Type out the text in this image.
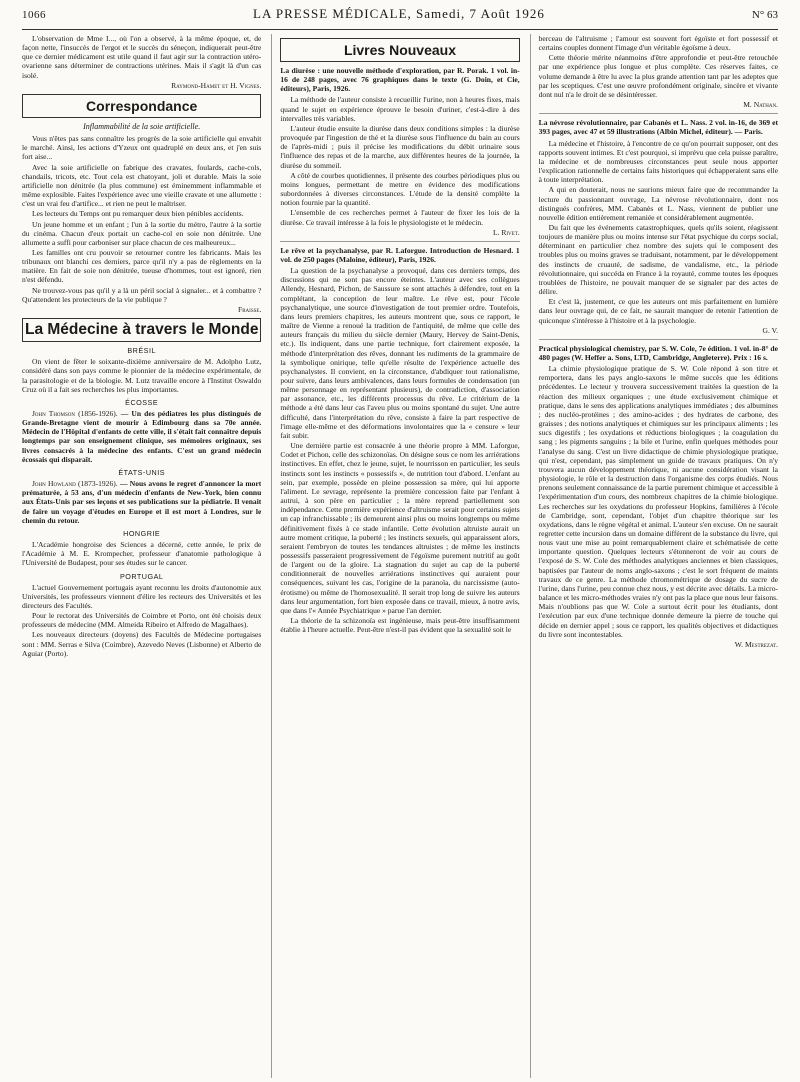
1066	LA PRESSE MÉDICALE, Samedi, 7 Août 1926	N° 63

L'observation de Mme I..., où l'on a observé, à la même époque, et, de façon nette, l'insuccès de l'ergot et le succès du séneçon, indiquerait peut-être que ce dernier médicament est utile quand il faut agir sur la contraction utéro-ovarienne sans déterminer de contractions utérines. Mais il s'agit là d'un cas isolé.

Raymond-Hamet et H. Vignes.

Correspondance
Inflammabilité de la soie artificielle.

Vous n'êtes pas sans connaître les progrès de la soie artificielle qui envahit le marché. Ainsi, les actions d'Yzeux ont quadruplé en deux ans, et j'en suis fort aise...

Avec la soie artificielle on fabrique des cravates, foulards, cache-cols, chandails, tricots, etc. Tout cela est chatoyant, joli et durable. Mais la soie artificielle non dénitrée (la plus commune) est éminemment inflammable et même explosible. Faites l'expérience avec une vieille cravate et une allumette : c'est un vrai feu d'artifice... et rien ne peut le maîtriser.

Les lecteurs du Temps ont pu remarquer deux bien pénibles accidents.

Un jeune homme et un enfant ; l'un à la sortie du métro, l'autre à la sortie du cinéma. Chacun d'eux portait un cache-col en soie non dénitrée. Une allumette a suffi pour carboniser sur place chacun de ces malheureux...

Les familles ont cru pouvoir se retourner contre les fabricants. Mais les tribunaux ont blanchi ces derniers, parce qu'il n'y a pas de règlements en la matière. En fait de soie non dénitrée, tueuse d'hommes, tout est ignoré, rien n'est défendu.

Ne trouvez-vous pas qu'il y a là un péril social à signaler... et à combattre ? Qu'attendent les protecteurs de la vie publique ?

Fraisse.

La Médecine à travers le Monde
BRÉSIL

On vient de fêter le soixante-dixième anniversaire de M. Adolpho Lutz, considéré dans son pays comme le pionnier de la médecine expérimentale, de la parasitologie et de la biologie. M. Lutz travaille encore à l'Institut Oswaldo Cruz où il a fait ses recherches les plus importantes.

ÉCOSSE

John Thomson (1856-1926). — Un des pédiatres les plus distingués de Grande-Bretagne vient de mourir à Edimbourg dans sa 70e année. Médecin de l'Hôpital d'enfants de cette ville, il s'était fait connaître depuis longtemps par son enseignement clinique, ses mémoires originaux, ses livres consacrés à la médecine des enfants. C'est un grand médecin écossais qui disparaît.

ÉTATS-UNIS

John Howland (1873-1926). — Nous avons le regret d'annoncer la mort prématurée, à 53 ans, d'un médecin d'enfants de New-York, bien connu aux États-Unis par ses leçons et ses publications sur la pédiatrie. Il venait de faire un voyage d'études en Europe et il est mort à Londres, sur le chemin du retour.

HONGRIE

L'Académie hongroise des Sciences a décerné, cette année, le prix de l'Académie à M. E. Krompecher, professeur d'anatomie pathologique à l'Université de Budapest, pour ses études sur le cancer.

PORTUGAL

L'actuel Gouvernement portugais ayant reconnu les droits d'autonomie aux Universités, les professeurs viennent d'élire les recteurs des Universités et les directeurs des Facultés.

Pour le rectorat des Universités de Coimbre et Porto, ont été choisis deux professeurs de médecine (MM. Almeida Ribeiro et Alfredo de Magalhaes).

Les nouveaux directeurs (doyens) des Facultés de Médecine portugaises sont : MM. Serras e Silva (Coimbre), Azevedo Neves (Lisbonne) et Alberto de Aguiar (Porto).

Livres Nouveaux

La diurèse : une nouvelle méthode d'exploration, par R. Porak. 1 vol. in-16 de 248 pages, avec 76 graphiques dans le texte (G. Doin, et Cie, éditeurs), Paris, 1926.

La méthode de l'auteur consiste à recueillir l'urine, non à heures fixes, mais quand le sujet en expérience éprouve le besoin d'uriner, c'est-à-dire à des intervalles très variables.

L'auteur étudie ensuite la diurèse dans deux conditions simples : la diurèse provoquée par l'ingestion de thé et la diurèse sous l'influence du bain au cours de l'après-midi ; puis il précise les modifications du débit urinaire sous l'influence des repas et de la marche, aux différentes heures de la journée, la diurèse du sommeil.

A côté de courbes quotidiennes, il présente des courbes périodiques plus ou moins longues, permettant de mettre en évidence des modifications subordonnées à diverses circonstances. L'étude de la densité complète la notion fournie par la quantité.

L'ensemble de ces recherches permet à l'auteur de fixer les lois de la diurèse. Ce travail intéresse à la fois le physiologiste et le médecin.

L. Rivet.

Le rêve et la psychanalyse, par R. Laforgue. Introduction de Hesnard. 1 vol. de 250 pages (Maloine, éditeur), Paris, 1926.

La question de la psychanalyse a provoqué, dans ces derniers temps, des discussions qui ne sont pas encore éteintes. L'auteur avec ses collègues Allendy, Hesnard, Pichon, de Saussure se sont attachés à défendre, tout en la complétant, la conception de leur maître. Le rêve est, pour l'école psychanalytique, une source d'investigation de tout premier ordre. Toutefois, dans leurs premiers chapitres, les auteurs montrent que, sous ce rapport, le maître de Vienne a renoué la tradition de l'antiquité, de même que celle des auteurs français du milieu du siècle dernier (Maury, Hervey de Saint-Denis, etc.). Ils indiquent, dans une partie technique, fort clairement exposée, la méthode d'interprétation des rêves, donnant les rudiments de la grammaire de la symbolique onirique, telle qu'elle résulte de l'expérience actuelle des psychanalystes. Il convient, en la circonstance, d'abdiquer tout rationalisme, pour suivre, dans leurs ambivalences, dans leurs formules de condensation (un même personnage en représentant plusieurs), de contradiction, d'association par assonance, etc., les différents processus du rêve. Le critérium de la méthode a été dans leur cas l'aveu plus ou moins spontané du sujet. Une autre difficulté, dans l'interprétation du rêve, consiste à faire la part respective de l'image elle-même et des déformations involontaires que la « censure » leur fait subir.

Une dernière partie est consacrée à une théorie propre à MM. Laforgue, Codet et Pichon, celle des schizonoïas. On désigne sous ce nom les arriérations instinctives. En effet, chez le jeune, sujet, le nourrisson en particulier, les seuls instincts sont les instincts « possessifs », de nutrition tout d'abord. L'enfant au sein, par exemple, possède en pleine possession sa mère, qui lui apporte l'aliment. Le sevrage, représente la première concession faite par l'enfant à autrui, à son père en particulier ; la mère reprend partiellement son indépendance. Cette première expérience d'altruisme serait pour certains sujets un cap infranchissable ; ils demeurent ainsi plus ou moins longtemps ou même définitivement fixés à ce stade infantile. Cette évolution altruiste aurait un autre moment critique, la puberté ; les instincts sexuels, qui apparaissent alors, seraient l'embryon de toutes les tendances altruistes ; de même les instincts possessifs passeraient progressivement de l'égoïsme purement nutritif au goût de l'argent ou de la gloire. La stagnation du sujet au cap de la puberté conditionnerait de nouvelles arriérations instinctives qui auraient pour conséquences, suivant les cas, l'origine de la paranoïa, du narcissisme (auto-érotisme) ou même de l'homosexualité. Il serait trop long de suivre les auteurs dans leur argumentation, fort bien exposée dans ce travail, mieux, à notre avis, que dans l'« Année Psychiatrique » parue l'an dernier.

La théorie de la schizonoïa est ingénieuse, mais peut-être insuffisamment établie à l'heure actuelle. Peut-être n'est-il pas évident que la sexualité soit le

berceau de l'altruisme ; l'amour est souvent fort égoïste et fort possessif et certains couples donnent l'image d'un véritable égoïsme à deux.

Cette théorie mérite néanmoins d'être approfondie et peut-être retouchée par une expérience plus longue et plus complète. Ces réserves faites, ce volume demande à être lu avec la plus grande attention tant par les adeptes que par les sceptiques. C'est une œuvre profondément originale, sincère et vivante dont nul n'a le droit de se désintéresser.

M. Nathan.

La névrose révolutionnaire, par Cabanès et L. Nass. 2 vol. in-16, de 369 et 393 pages, avec 47 et 59 illustrations (Albin Michel, éditeur). — Paris.

La médecine et l'histoire, à l'encontre de ce qu'on pourrait supposer, ont des rapports souvent intimes. Et c'est pourquoi, si imprévu que cela puisse paraître, la médecine et de nombreuses circonstances peut seule nous apporter l'explication rationnelle de certains faits historiques qui échapperaient sans elle à toute interprétation.

A qui en douterait, nous ne saurions mieux faire que de recommander la lecture du passionnant ouvrage, La névrose révolutionnaire, dont nos distingués confrères, MM. Cabanès et L. Nass, viennent de publier une nouvelle édition entièrement remaniée et considérablement augmentée.

Du fait que les événements catastrophiques, quels qu'ils soient, réagissent toujours de manière plus ou moins intense sur l'état psychique du corps social, déterminant en particulier chez nombre des sujets qui le composent des troubles plus ou moins graves se traduisant, notamment, par le développement des instincts de cruauté, de sadisme, de vandalisme, etc., la période révolutionnaire, qui succéda en France à la royauté, comme toutes les époques troublées de l'histoire, ne pouvait manquer de se signaler par des actes de délire.

Et c'est là, justement, ce que les auteurs ont mis parfaitement en lumière dans leur ouvrage qui, de ce fait, ne saurait manquer de retenir l'attention de quiconque s'intéresse à l'histoire et à la psychologie.

G. V.

Practical physiological chemistry, par S. W. Cole, 7e édition. 1 vol. in-8° de 480 pages (W. Heffer a. Sons, LTD, Cambridge, Angleterre). Prix : 16 s.

La chimie physiologique pratique de S. W. Cole répond à son titre et remportera, dans les pays anglo-saxons le même succès que les éditions précédentes. Le lecteur y trouvera successivement traitées la question de la réaction des milieux organiques ; une étude exclusivement chimique et pratique, dans le sens des applications analytiques immédiates ; des albumines ; des nucléo-protéines ; des amino-acides ; des hydrates de carbone, des graisses ; des notions analytiques et chimiques sur les principaux aliments ; les sucs digestifs ; les oxydations et réductions biologiques ; la coagulation du sang ; les pigments sanguins ; la bile et l'urine, enfin quelques méthodes pour l'analyse du sang. C'est un livre didactique de chimie physiologique pratique, qui n'est, cependant, pas simplement un guide de travaux pratiques. On n'y trouvera aucun développement théorique, ni aucune considération visant la physiologie, le rôle et la destruction dans l'organisme des corps étudiés. Nous prenons seulement connaissance de la partie purement chimique et accessible à l'expérimentation d'un cours, des nombreux chapitres de la chimie biologique. Les recherches sur les oxydations du professeur Hopkins, familières à l'école de Cambridge, sont, cependant, l'objet d'un chapitre théorique sur les oxydations, dans le règne végétal et animal. L'auteur s'en excuse. On ne saurait regretter cette incursion dans un domaine différent de la substance du livre, qui nous vaut une mise au point remarquablement claire et schématisée de cette importante question. Quelques lecteurs s'étonneront de voir au cours de l'exposé de S. W. Cole des méthodes analytiques anciennes et bien classiques, baptisées par l'auteur de noms anglo-saxons ; c'est le sort fréquent de maints travaux de ce genre. La méthode chromométrique de dosage du sucre de l'urine, dans l'urine, peu connue chez nous, y est décrite avec détails. La micro-balance et les micro-méthodes vraies n'y ont pas la place que nous leur faisons. Mais n'oublions pas que W. Cole a surtout écrit pour les étudiants, dont l'exécution par eux d'une technique donnée demeure la pierre de touche qui décide en dernier appel ; sous ce rapport, les qualités objectives et didactiques du livre sont incontestables.

W. Mestrezat.
